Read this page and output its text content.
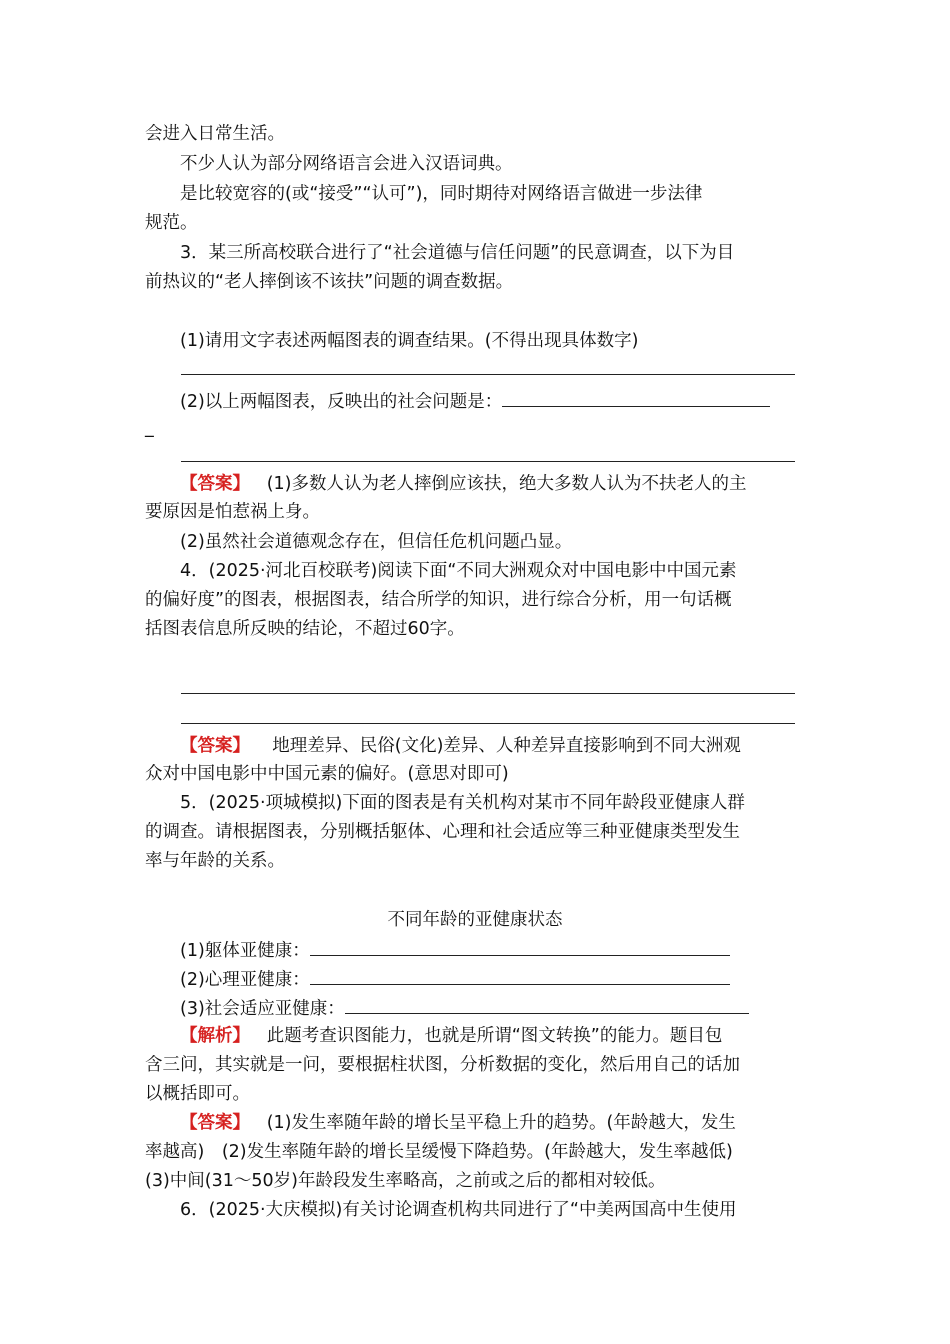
会进入日常生活。
不少人认为部分网络语言会进入汉语词典。
是比较宽容的(或“接受”“认可”)，同时期待对网络语言做进一步法律
规范。
3．某三所高校联合进行了“社会道德与信任问题”的民意调查，以下为目
前热议的“老人摔倒该不该扶”问题的调查数据。
(1)请用文字表述两幅图表的调查结果。(不得出现具体数字)
(2)以上两幅图表，反映出的社会问题是：
_
【答案】 (1)多数人认为老人摔倒应该扶，绝大多数人认为不扶老人的主
要原因是怕惹祸上身。
(2)虽然社会道德观念存在，但信任危机问题凸显。
4．(2025·河北百校联考)阅读下面“不同大洲观众对中国电影中中国元素
的偏好度”的图表，根据图表，结合所学的知识，进行综合分析，用一句话概
括图表信息所反映的结论，不超过60字。
【答案】 地理差异、民俗(文化)差异、人种差异直接影响到不同大洲观
众对中国电影中中国元素的偏好。(意思对即可)
5．(2025·项城模拟)下面的图表是有关机构对某市不同年龄段亚健康人群
的调查。请根据图表，分别概括躯体、心理和社会适应等三种亚健康类型发生
率与年龄的关系。
不同年龄的亚健康状态
(1)躯体亚健康：
(2)心理亚健康：
(3)社会适应亚健康：
【解析】 此题考查识图能力，也就是所谓“图文转换”的能力。题目包
含三问，其实就是一问，要根据柱状图，分析数据的变化，然后用自己的话加
以概括即可。
【答案】 (1)发生率随年龄的增长呈平稳上升的趋势。(年龄越大，发生
率越高)　(2)发生率随年龄的增长呈缓慢下降趋势。(年龄越大，发生率越低)
(3)中间(31～50岁)年龄段发生率略高，之前或之后的都相对较低。
6．(2025·大庆模拟)有关讨论调查机构共同进行了“中美两国高中生使用
